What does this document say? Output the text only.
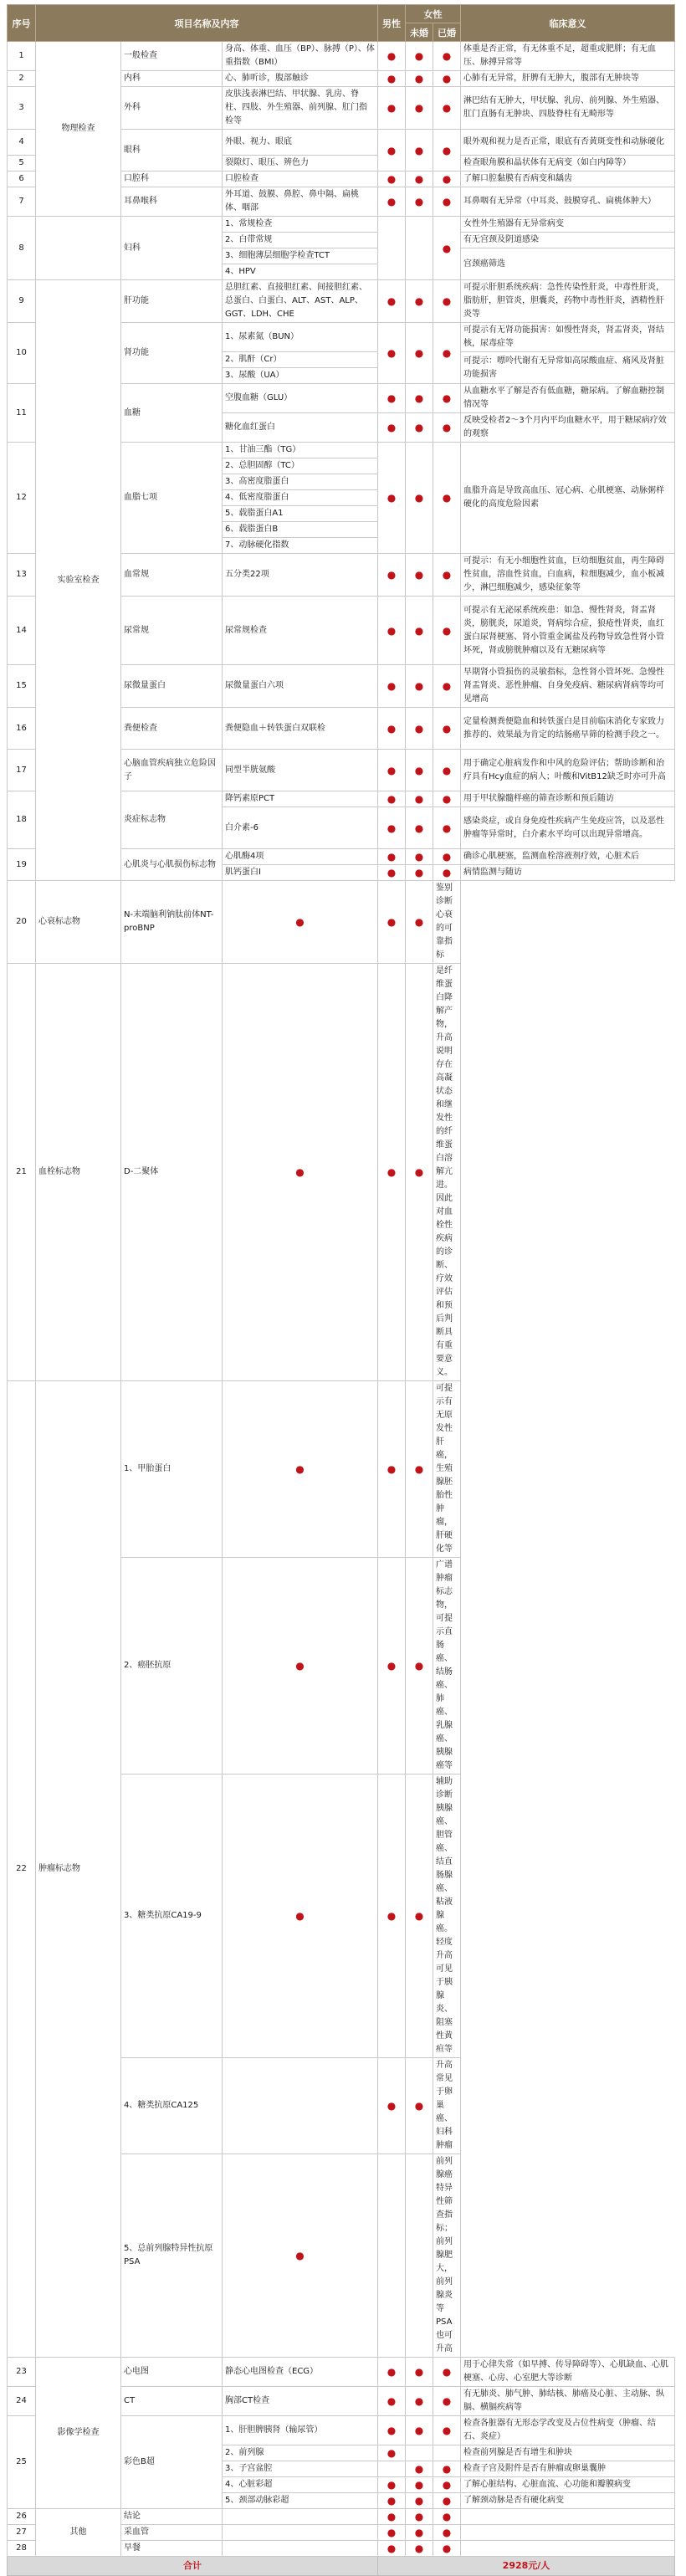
序号	项目名称及内容			男性	女性		临床意义
					未婚	已婚	
1	物理检查	一般检查	身高、体重、血压（BP）、脉搏（P）、体重指数（BMI）	●	●	●	体重是否正常，有无体重不足，超重或肥胖；有无血压、脉搏异常等
2		内科	心、肺听诊，腹部触诊	●	●	●	心肺有无异常，肝脾有无肿大，腹部有无肿块等
3		外科	皮肤浅表淋巴结、甲状腺、乳房、脊柱、四肢、外生殖器、前列腺、肛门指检等	●	●	●	淋巴结有无肿大，甲状腺、乳房、前列腺、外生殖器、肛门直肠有无肿块、四肢脊柱有无畸形等
4		眼科	外眼、视力、眼底	●	●	●	眼外观和视力是否正常，眼底有否黄斑变性和动脉硬化
5			裂隙灯、眼压、辨色力				检查眼角膜和晶状体有无病变（如白内障等）
6		口腔科	口腔检查	●	●	●	了解口腔黏膜有否病变和龋齿
7		耳鼻喉科	外耳道、鼓膜、鼻腔、鼻中隔、扁桃体、咽部	●	●	●	耳鼻咽有无异常（中耳炎、鼓膜穿孔、扁桃体肿大）
8		妇科	1、常规检查			●	女性外生殖器有无异常病变
			2、白带常规				有无宫颈及阴道感染
			3、细胞薄层细胞学检查TCT				宫颈癌筛选
			4、HPV				
9	实验室检查	肝功能	总胆红素、直接胆红素、间接胆红素、总蛋白、白蛋白、ALT、AST、ALP、GGT、LDH、CHE	●	●	●	可提示肝胆系统疾病：急性传染性肝炎，中毒性肝炎，脂肪肝，胆管炎，胆囊炎，药物中毒性肝炎，酒精性肝炎等
10		肾功能	1、尿素氮（BUN）	●	●	●	可提示有无肾功能损害：如慢性肾炎，肾盂肾炎，肾结核，尿毒症等
			2、肌酐（Cr）				可提示：嘌呤代谢有无异常如高尿酸血症、痛风及肾脏功能损害
			3、尿酸（UA）				
11		血糖	空腹血糖（GLU）	●	●	●	从血糖水平了解是否有低血糖，糖尿病。了解血糖控制情况等
			糖化血红蛋白	●	●	●	反映受检者2～3个月内平均血糖水平，用于糖尿病疗效的观察
12		血脂七项	1、甘油三酯（TG）	●	●	●	血脂升高是导致高血压、冠心病、心肌梗塞、动脉粥样硬化的高度危险因素
			2、总胆固醇（TC）				
			3、高密度脂蛋白				
			4、低密度脂蛋白				
			5、载脂蛋白A1				
			6、载脂蛋白B				
			7、动脉硬化指数				
13		血常规	五分类22项	●	●	●	可提示：有无小细胞性贫血，巨幼细胞贫血，再生障碍性贫血，溶血性贫血，白血病，粒细胞减少，血小板减少，淋巴细胞减少，感染征象等
14		尿常规	尿常规检查	●	●	●	可提示有无泌尿系统疾患：如急、慢性肾炎，肾盂肾炎，膀胱炎，尿道炎，肾病综合症，狼疮性肾炎，血红蛋白尿肾梗塞、肾小管重金属盐及药物导致急性肾小管坏死，肾或膀胱肿瘤以及有无糖尿病等
15		尿微量蛋白	尿微量蛋白六项	●	●	●	早期肾小管损伤的灵敏指标，急性肾小管坏死、急慢性肾盂肾炎、恶性肿瘤、自身免疫病、糖尿病肾病等均可见增高
16		粪便检查	粪便隐血＋转铁蛋白双联检	●	●	●	定量检测粪便隐血和转铁蛋白是目前临床消化专家致力推荐的、效果最为肯定的结肠癌早筛的检测手段之一。
17		心脑血管疾病独立危险因子	同型半胱氨酸	●	●	●	用于确定心脏病发作和中风的危险评估；帮助诊断和治疗具有Hcy血症的病人；叶酸和VitB12缺乏时亦可升高
18		炎症标志物	降钙素原PCT	●	●	●	用于甲状腺髓样癌的筛查诊断和预后随访
			白介素-6	●	●	●	感染炎症，或自身免疫性疾病产生免疫应答，以及恶性肿瘤等异常时，白介素水平均可以出现异常增高。
19		心肌炎与心肌损伤标志物	心肌酶4项	●	●	●	确诊心肌梗塞，监测血栓溶液剂疗效，心脏术后
			肌钙蛋白I	●	●	●	病情监测与随访
20	心衰标志物	N-末端脑利钠肽前体NT-proBNP	●	●	●	鉴别诊断心衰的可靠指标	
21	血栓标志物	D-二聚体	●	●	●	是纤维蛋白降解产物，升高说明存在高凝状态和继发性的纤维蛋白溶解亢进。因此对血栓性疾病的诊断、疗效评估和预后判断具有重要意义。	
22	肿瘤标志物	1、甲胎蛋白	●	●	●	可提示有无原发性肝癌，生殖腺胚胎性肿瘤，肝硬化等	
		2、癌胚抗原	●	●	●	广谱肿瘤标志物，可提示直肠癌、结肠癌、肺癌、乳腺癌、胰腺癌等	
		3、糖类抗原CA19-9	●	●	●	辅助诊断胰腺癌、胆管癌、结直肠腺癌、粘液腺癌。轻度升高可见于胰腺炎、阻塞性黄疸等	
		4、糖类抗原CA125		●	●	升高常见于卵巢癌、妇科肿瘤	
		5、总前列腺特异性抗原PSA	●			前列腺癌特异性筛查指标；前列腺肥大，前列腺炎等PSA也可升高	
23	影像学检查	心电图	静态心电图检查（ECG）	●	●	●	用于心律失常（如早搏、传导障碍等）、心肌缺血、心肌梗塞、心房、心室肥大等诊断
24		CT	胸部CT检查	●	●	●	有无肺炎、肺气肿、肺结核、肺癌及心脏、主动脉、纵膈、横膈疾病等
25		彩色B超	1、肝胆脾胰肾（输尿管）	●	●	●	检查各脏器有无形态学改变及占位性病变（肿瘤、结石、炎症）
			2、前列腺	●			检查前列腺是否有增生和肿块
			3、子宫盆腔		●	●	检查子宫及附件是否有肿瘤或卵巢囊肿
			4、心脏彩超	●	●	●	了解心脏结构、心脏血流、心功能和瓣膜病变
			5、颈部动脉彩超	●	●	●	了解颈动脉是否有硬化病变
26	其他	结论		●	●	●	
27		采血管		●	●	●	
28		早餐		●	●	●	
合计				2928元/人			
